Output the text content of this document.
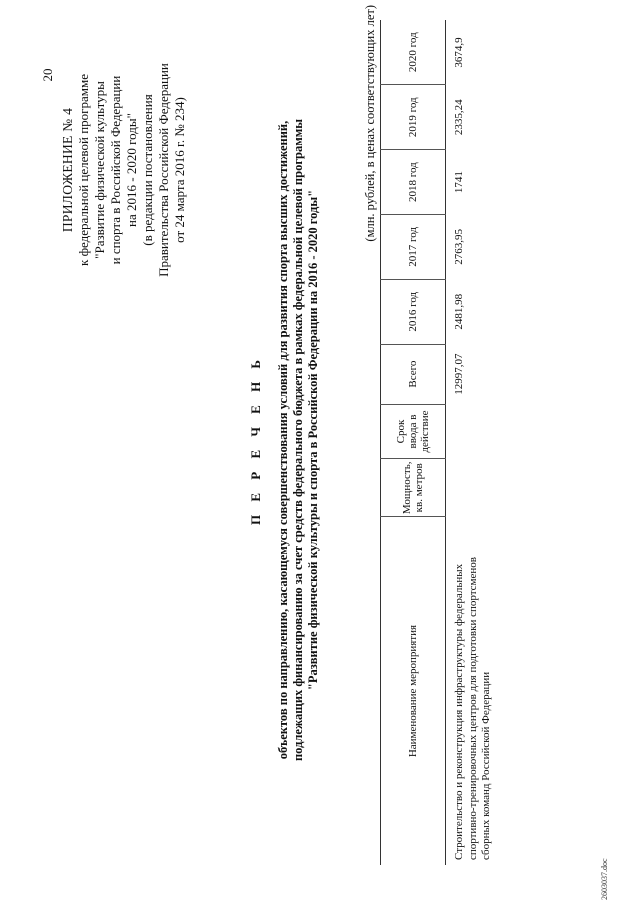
20
ПРИЛОЖЕНИЕ № 4 к федеральной целевой программе "Развитие физической культуры и спорта в Российской Федерации на 2016 - 2020 годы" (в редакции постановления Правительства Российской Федерации от 24 марта 2016 г. № 234)
П Е Р Е Ч Е Н Ь объектов по направлению, касающемуся совершенствования условий для развития спорта высших достижений, подлежащих финансированию за счет средств федерального бюджета в рамках федеральной целевой программы "Развитие физической культуры и спорта в Российской Федерации на 2016 - 2020 годы"
(млн. рублей, в ценах соответствующих лет)
Наименование мероприятия	Мощность, кв. метров	Срок ввода в действие	Всего	2016 год	2017 год	2018 год	2019 год	2020 год
Строительство и реконструкция инфраструктуры федеральных спортивно-тренировочных центров для подготовки спортсменов сборных команд Российской Федерации			12997,07	2481,98	2763,95	1741	2335,24	3674,9
2603037.doc
